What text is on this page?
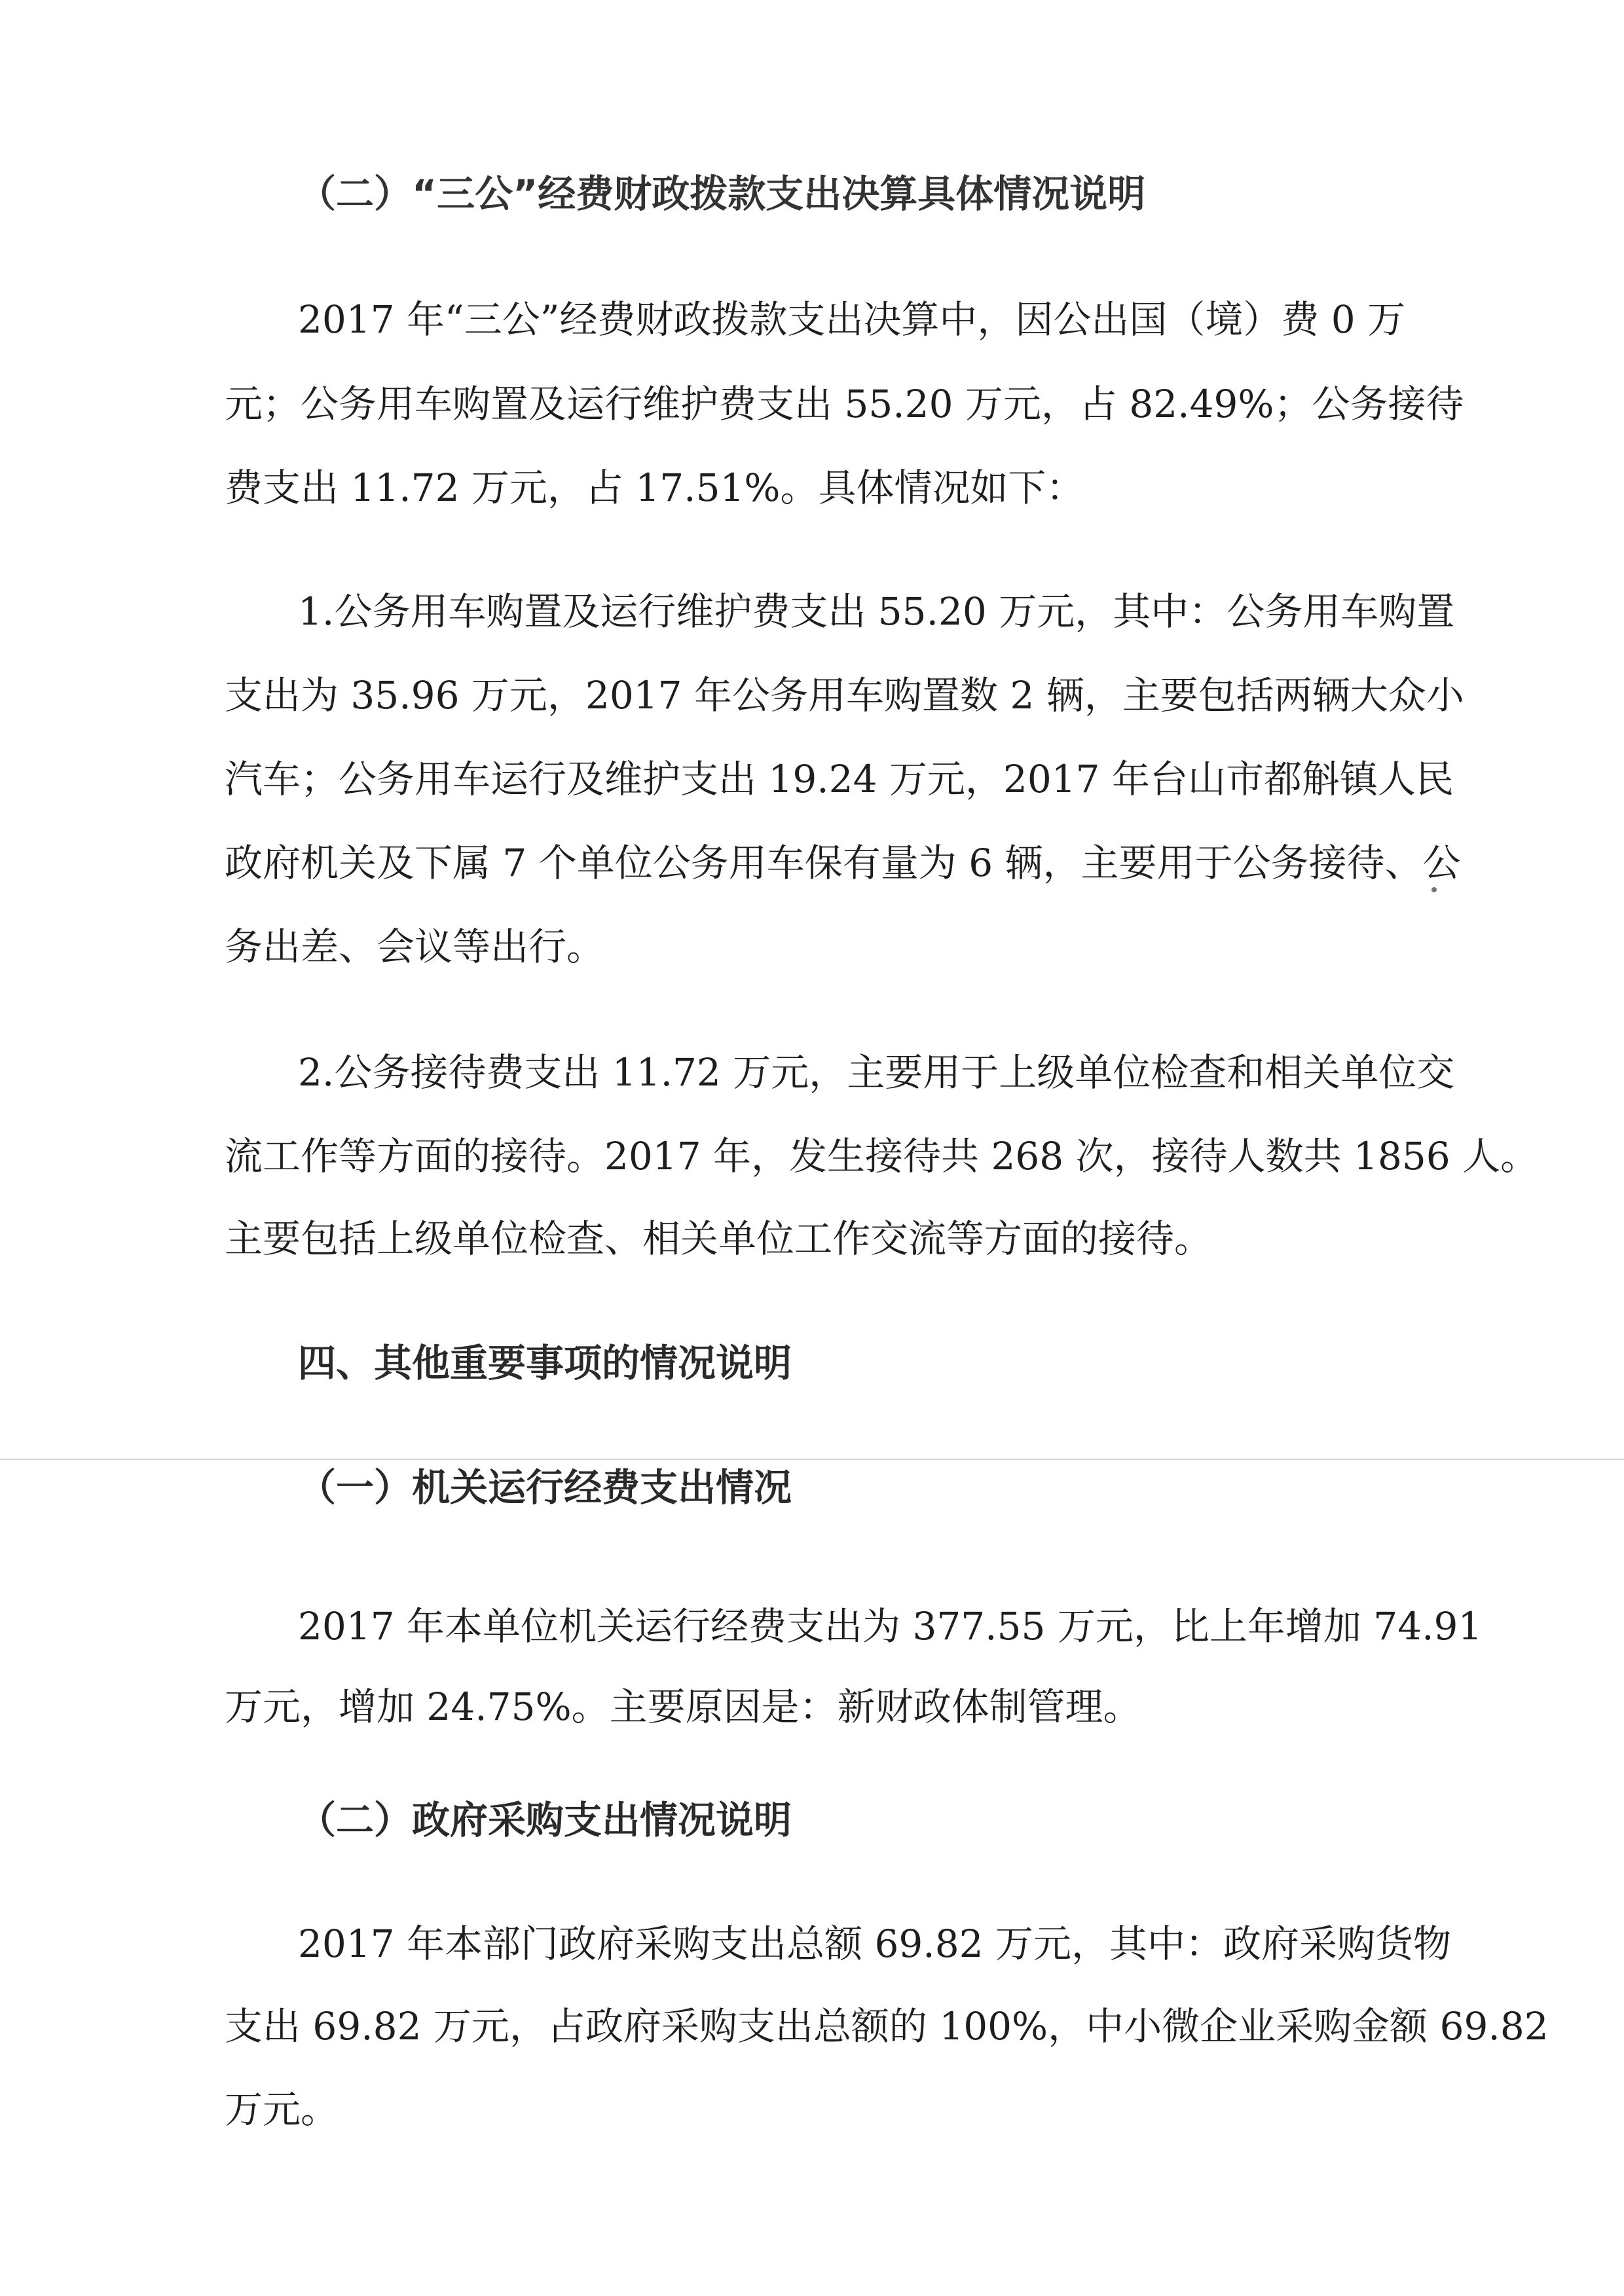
（二）“三公”经费财政拨款支出决算具体情况说明
2017 年“三公”经费财政拨款支出决算中，因公出国（境）费 0 万
元；公务用车购置及运行维护费支出 55.20 万元，占 82.49%；公务接待
费支出 11.72 万元，占 17.51%。具体情况如下：
1.公务用车购置及运行维护费支出 55.20 万元，其中：公务用车购置
支出为 35.96 万元，2017 年公务用车购置数 2 辆，主要包括两辆大众小
汽车；公务用车运行及维护支出 19.24 万元，2017 年台山市都斛镇人民
政府机关及下属 7 个单位公务用车保有量为 6 辆，主要用于公务接待、公
务出差、会议等出行。
2.公务接待费支出 11.72 万元，主要用于上级单位检查和相关单位交
流工作等方面的接待。2017 年，发生接待共 268 次，接待人数共 1856 人。
主要包括上级单位检查、相关单位工作交流等方面的接待。
四、其他重要事项的情况说明
（一）机关运行经费支出情况
2017 年本单位机关运行经费支出为 377.55 万元，比上年增加 74.91
万元，增加 24.75%。主要原因是：新财政体制管理。
（二）政府采购支出情况说明
2017 年本部门政府采购支出总额 69.82 万元，其中：政府采购货物
支出 69.82 万元，占政府采购支出总额的 100%，中小微企业采购金额 69.82
万元。
